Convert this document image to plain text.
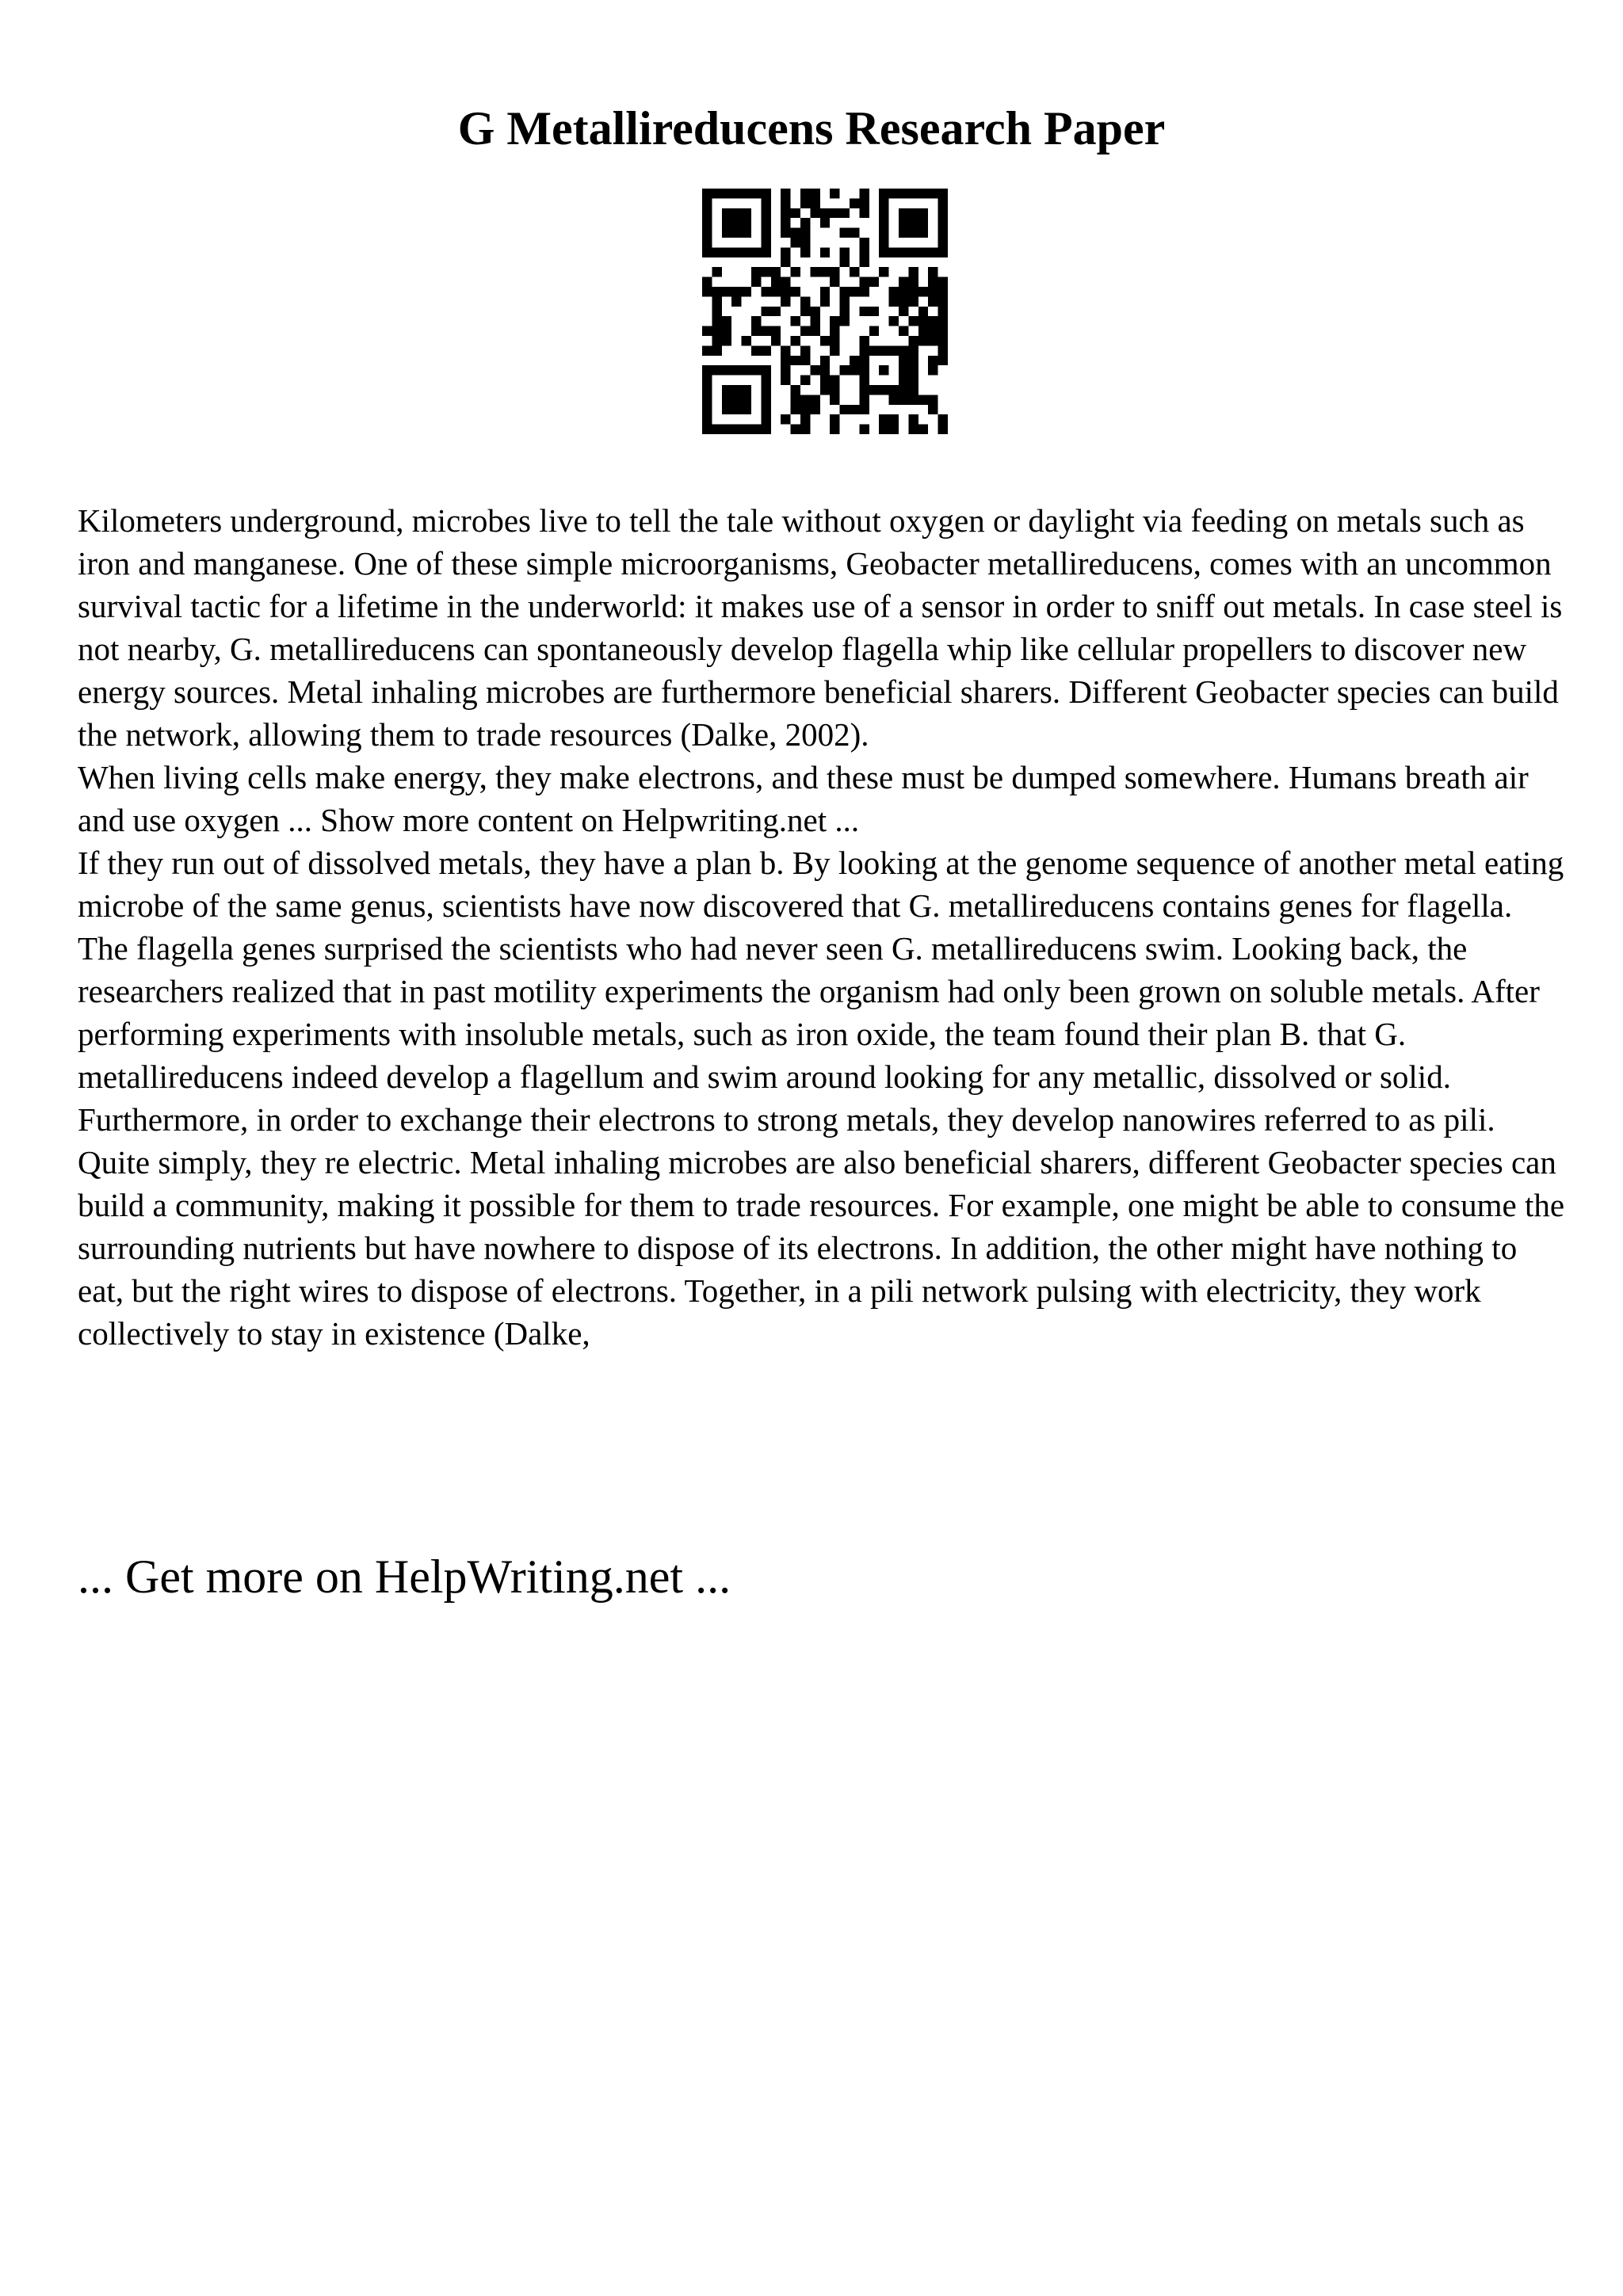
G Metallireducens Research Paper

Kilometers underground, microbes live to tell the tale without oxygen or daylight via feeding on metals such as iron and manganese. One of these simple microorganisms, Geobacter metallireducens, comes with an uncommon survival tactic for a lifetime in the underworld: it makes use of a sensor in order to sniff out metals. In case steel is not nearby, G. metallireducens can spontaneously develop flagella whip like cellular propellers to discover new energy sources. Metal inhaling microbes are furthermore beneficial sharers. Different Geobacter species can build the network, allowing them to trade resources (Dalke, 2002).

When living cells make energy, they make electrons, and these must be dumped somewhere. Humans breath air and use oxygen ... Show more content on Helpwriting.net ...

If they run out of dissolved metals, they have a plan b. By looking at the genome sequence of another metal eating microbe of the same genus, scientists have now discovered that G. metallireducens contains genes for flagella. The flagella genes surprised the scientists who had never seen G. metallireducens swim. Looking back, the researchers realized that in past motility experiments the organism had only been grown on soluble metals. After performing experiments with insoluble metals, such as iron oxide, the team found their plan B. that G. metallireducens indeed develop a flagellum and swim around looking for any metallic, dissolved or solid. Furthermore, in order to exchange their electrons to strong metals, they develop nanowires referred to as pili. Quite simply, they re electric. Metal inhaling microbes are also beneficial sharers, different Geobacter species can build a community, making it possible for them to trade resources. For example, one might be able to consume the surrounding nutrients but have nowhere to dispose of its electrons. In addition, the other might have nothing to eat, but the right wires to dispose of electrons. Together, in a pili network pulsing with electricity, they work collectively to stay in existence (Dalke,

... Get more on HelpWriting.net ...
